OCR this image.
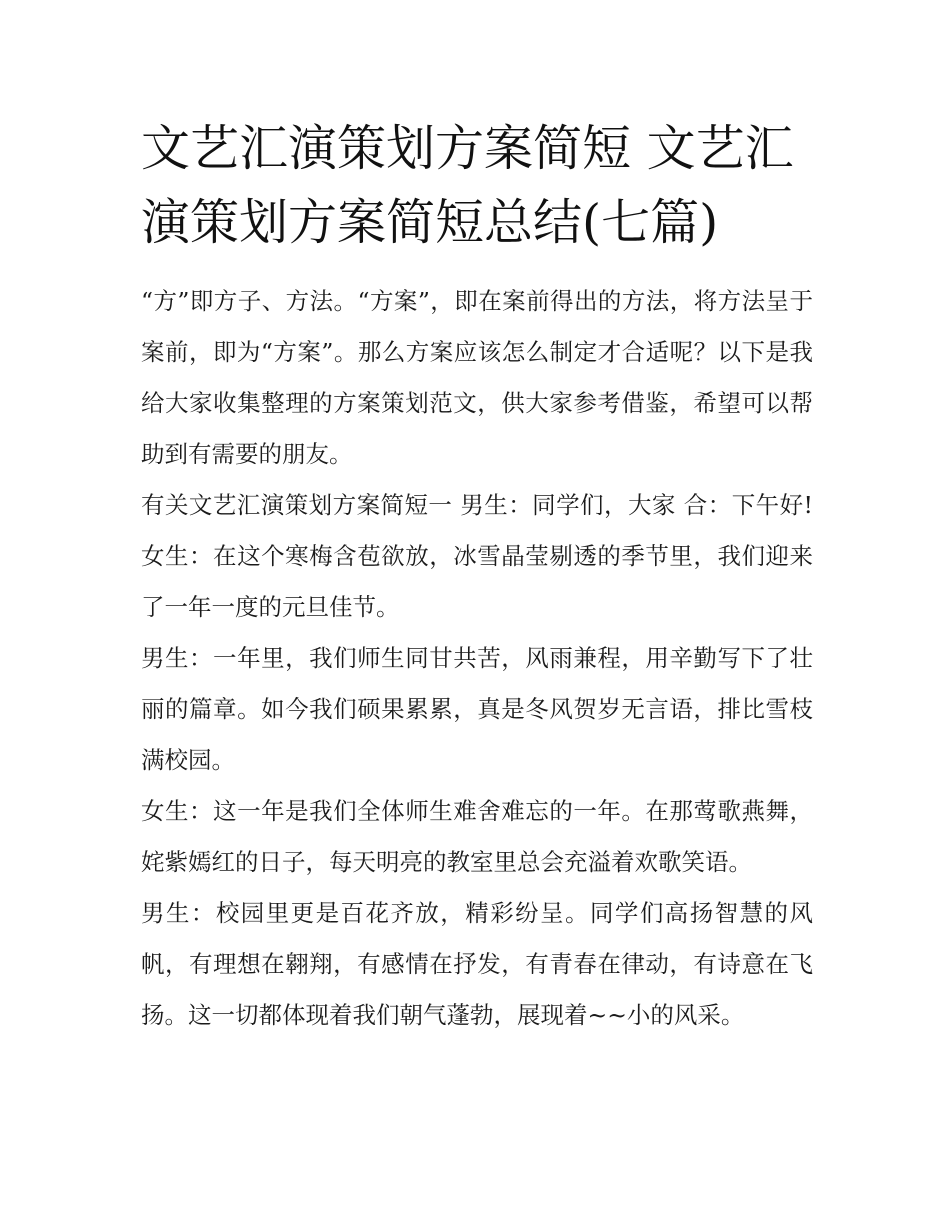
文艺汇演策划方案简短 文艺汇演策划方案简短总结(七篇)

“方”即方子、方法。“方案”，即在案前得出的方法，将方法呈于案前，即为“方案”。那么方案应该怎么制定才合适呢？以下是我给大家收集整理的方案策划范文，供大家参考借鉴，希望可以帮助到有需要的朋友。

有关文艺汇演策划方案简短一 男生：同学们，大家 合：下午好! 女生：在这个寒梅含苞欲放，冰雪晶莹剔透的季节里，我们迎来了一年一度的元旦佳节。

男生：一年里，我们师生同甘共苦，风雨兼程，用辛勤写下了壮丽的篇章。如今我们硕果累累，真是冬风贺岁无言语，排比雪枝满校园。

女生：这一年是我们全体师生难舍难忘的一年。在那莺歌燕舞，姹紫嫣红的日子，每天明亮的教室里总会充溢着欢歌笑语。

男生：校园里更是百花齐放，精彩纷呈。同学们高扬智慧的风帆，有理想在翱翔，有感情在抒发，有青春在律动，有诗意在飞扬。这一切都体现着我们朝气蓬勃，展现着~~小的风采。
